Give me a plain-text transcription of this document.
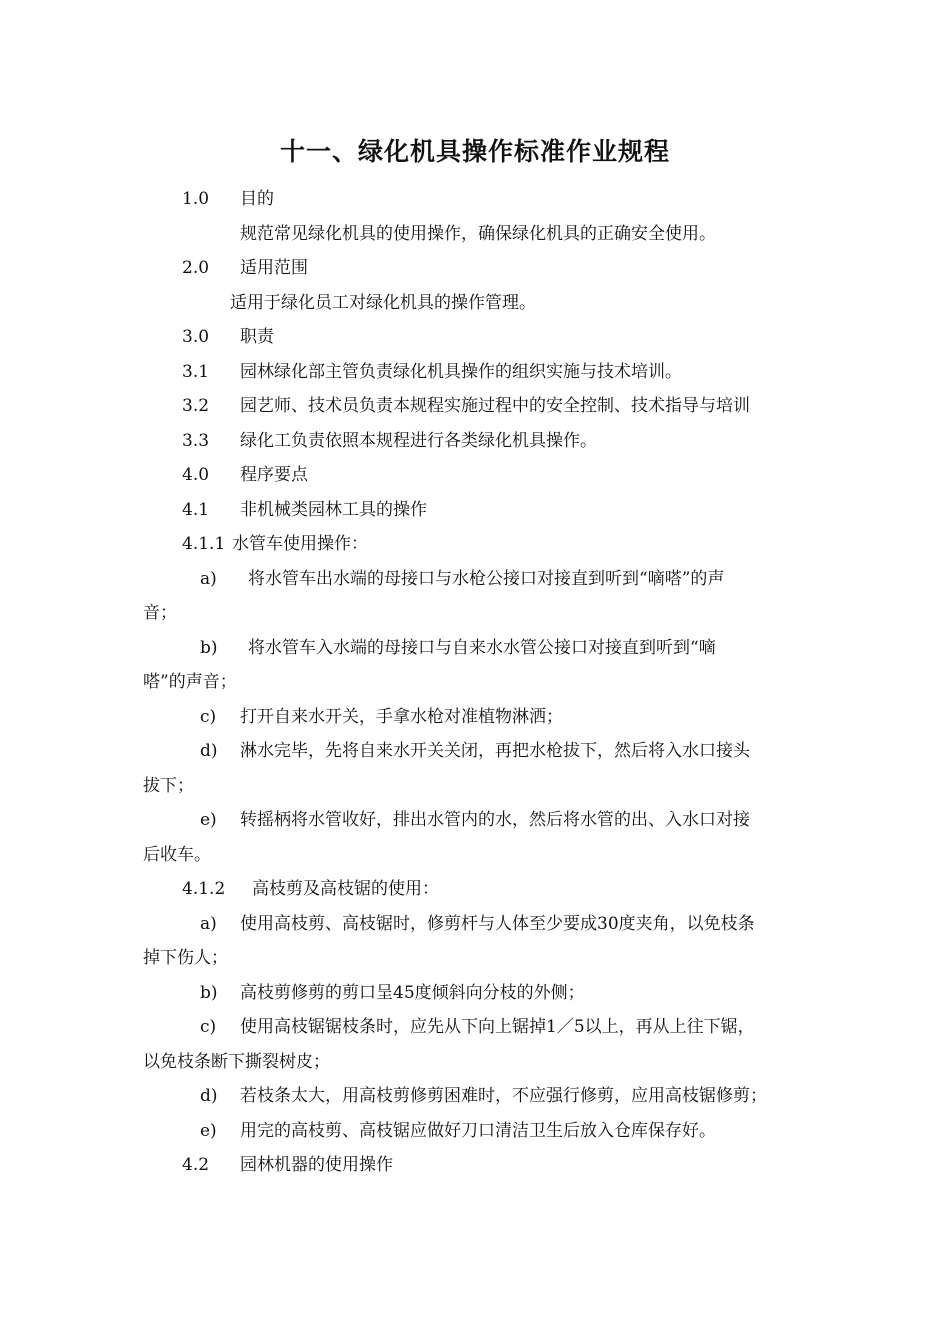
十一、绿化机具操作标准作业规程
1.0 目的
规范常见绿化机具的使用操作，确保绿化机具的正确安全使用。
2.0 适用范围
适用于绿化员工对绿化机具的操作管理。
3.0 职责
3.1 园林绿化部主管负责绿化机具操作的组织实施与技术培训。
3.2 园艺师、技术员负责本规程实施过程中的安全控制、技术指导与培训
3.3 绿化工负责依照本规程进行各类绿化机具操作。
4.0 程序要点
4.1 非机械类园林工具的操作
4.1.1 水管车使用操作：
a) 将水管车出水端的母接口与水枪公接口对接直到听到“嘀嗒”的声
音；
b) 将水管车入水端的母接口与自来水水管公接口对接直到听到“嘀
嗒”的声音；
c) 打开自来水开关，手拿水枪对准植物淋洒；
d) 淋水完毕，先将自来水开关关闭，再把水枪拔下，然后将入水口接头
拔下；
e) 转摇柄将水管收好，排出水管内的水，然后将水管的出、入水口对接
后收车。
4.1.2 高枝剪及高枝锯的使用：
a) 使用高枝剪、高枝锯时，修剪杆与人体至少要成30度夹角，以免枝条
掉下伤人；
b) 高枝剪修剪的剪口呈45度倾斜向分枝的外侧；
c) 使用高枝锯锯枝条时，应先从下向上锯掉1／5以上，再从上往下锯，
以免枝条断下撕裂树皮；
d) 若枝条太大，用高枝剪修剪困难时，不应强行修剪，应用高枝锯修剪；
e) 用完的高枝剪、高枝锯应做好刀口清洁卫生后放入仓库保存好。
4.2 园林机器的使用操作
